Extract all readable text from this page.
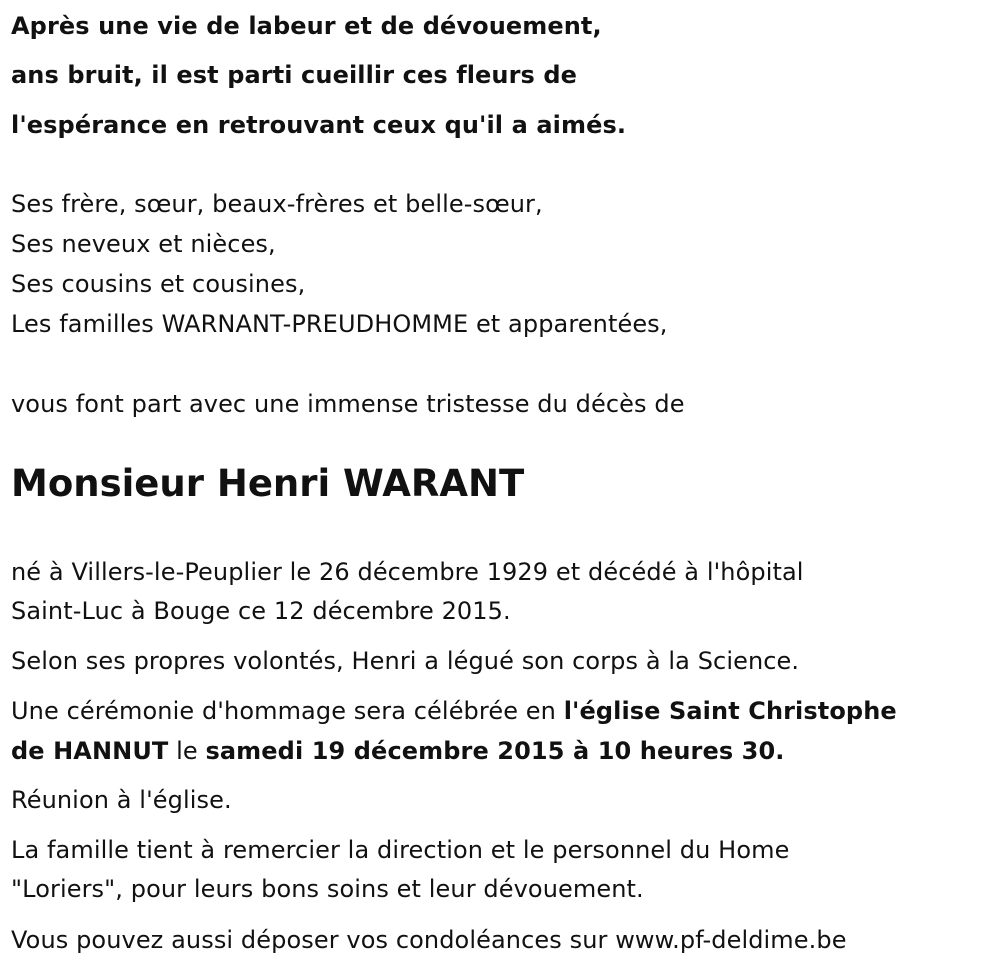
Après une vie de labeur et de dévouement,
ans bruit, il est parti cueillir ces fleurs de
l'espérance en retrouvant ceux qu'il a aimés.
Ses frère, sœur, beaux-frères et belle-sœur,
Ses neveux et nièces,
Ses cousins et cousines,
Les familles WARNANT-PREUDHOMME et apparentées,
vous font part avec une immense tristesse du décès de
Monsieur Henri WARANT
né à Villers-le-Peuplier le 26 décembre 1929 et décédé à l'hôpital
Saint-Luc à Bouge ce 12 décembre 2015.
Selon ses propres volontés, Henri a légué son corps à la Science.
Une cérémonie d'hommage sera célébrée en l'église Saint Christophe
de HANNUT le samedi 19 décembre 2015 à 10 heures 30.
Réunion à l'église.
La famille tient à remercier la direction et le personnel du Home
"Loriers", pour leurs bons soins et leur dévouement.
Vous pouvez aussi déposer vos condoléances sur www.pf-deldime.be
